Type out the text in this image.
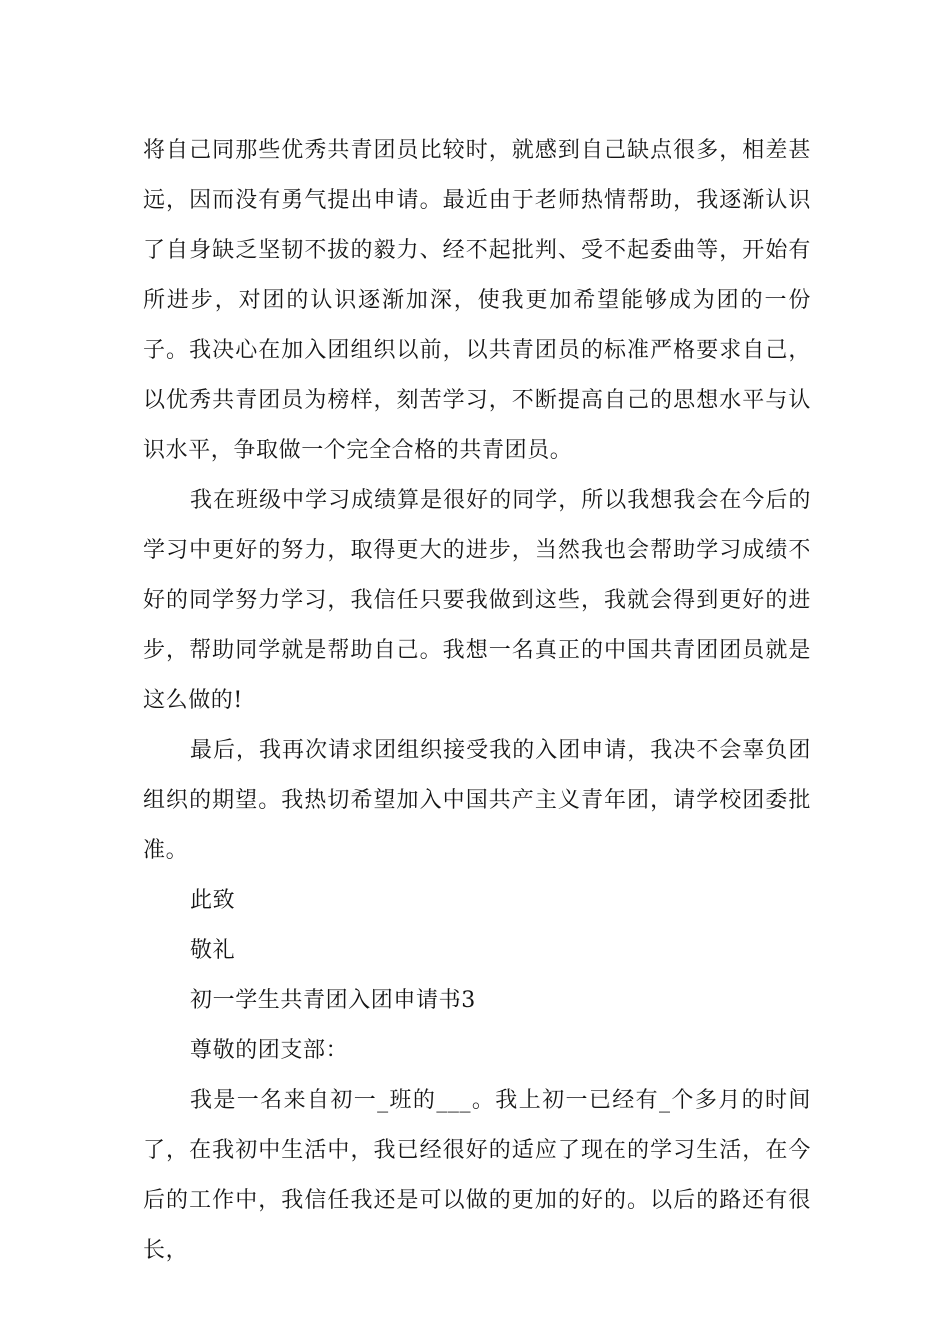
将自己同那些优秀共青团员比较时，就感到自己缺点很多，相差甚远，因而没有勇气提出申请。最近由于老师热情帮助，我逐渐认识了自身缺乏坚韧不拔的毅力、经不起批判、受不起委曲等，开始有所进步，对团的认识逐渐加深，使我更加希望能够成为团的一份子。我决心在加入团组织以前，以共青团员的标准严格要求自己，以优秀共青团员为榜样，刻苦学习，不断提高自己的思想水平与认识水平，争取做一个完全合格的共青团员。

我在班级中学习成绩算是很好的同学，所以我想我会在今后的学习中更好的努力，取得更大的进步，当然我也会帮助学习成绩不好的同学努力学习，我信任只要我做到这些，我就会得到更好的进步，帮助同学就是帮助自己。我想一名真正的中国共青团团员就是这么做的!

最后，我再次请求团组织接受我的入团申请，我决不会辜负团组织的期望。我热切希望加入中国共产主义青年团，请学校团委批准。

此致
敬礼
初一学生共青团入团申请书3
尊敬的团支部：

我是一名来自初一_班的___。我上初一已经有_个多月的时间了，在我初中生活中，我已经很好的适应了现在的学习生活，在今后的工作中，我信任我还是可以做的更加的好的。以后的路还有很长，
